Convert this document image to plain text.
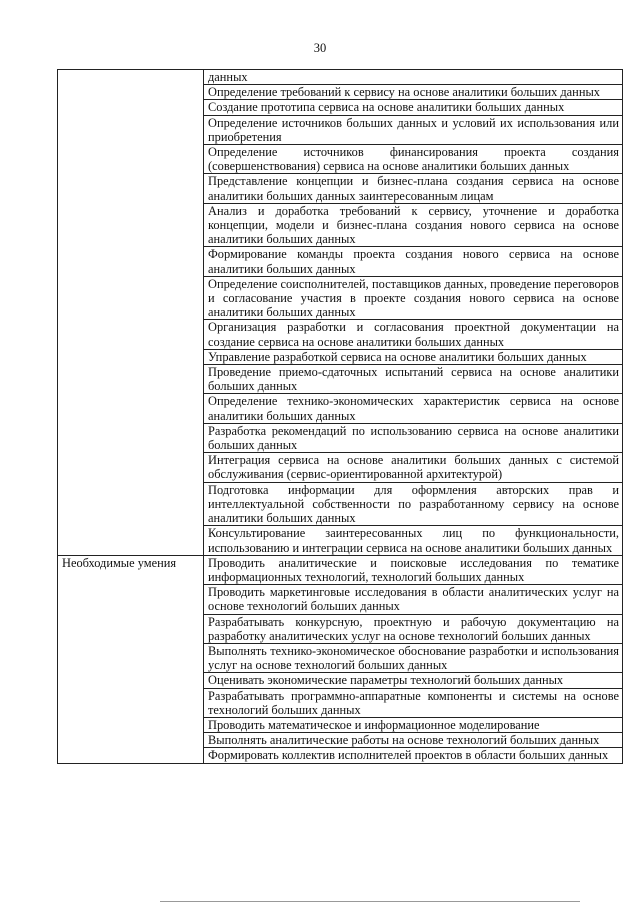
30
	данных
	Определение требований к сервису на основе аналитики больших данных
	Создание прототипа сервиса на основе аналитики больших данных
	Определение источников больших данных и условий их использования или приобретения
	Определение источников финансирования проекта создания (совершенствования) сервиса на основе аналитики больших данных
	Представление концепции и бизнес-плана создания сервиса на основе аналитики больших данных заинтересованным лицам
	Анализ и доработка требований к сервису, уточнение и доработка концепции, модели и бизнес-плана создания нового сервиса на основе аналитики больших данных
	Формирование команды проекта создания нового сервиса на основе аналитики больших данных
	Определение соисполнителей, поставщиков данных, проведение переговоров и согласование участия в проекте создания нового сервиса на основе аналитики больших данных
	Организация разработки и согласования проектной документации на создание сервиса на основе аналитики больших данных
	Управление разработкой сервиса на основе аналитики больших данных
	Проведение приемо-сдаточных испытаний сервиса на основе аналитики больших данных
	Определение технико-экономических характеристик сервиса на основе аналитики больших данных
	Разработка рекомендаций по использованию сервиса на основе аналитики больших данных
	Интеграция сервиса на основе аналитики больших данных с системой обслуживания (сервис-ориентированной архитектурой)
	Подготовка информации для оформления авторских прав и интеллектуальной собственности по разработанному сервису на основе аналитики больших данных
	Консультирование заинтересованных лиц по функциональности, использованию и интеграции сервиса на основе аналитики больших данных
Необходимые умения	Проводить аналитические и поисковые исследования по тематике информационных технологий, технологий больших данных
	Проводить маркетинговые исследования в области аналитических услуг на основе технологий больших данных
	Разрабатывать конкурсную, проектную и рабочую документацию на разработку аналитических услуг на основе технологий больших данных
	Выполнять технико-экономическое обоснование разработки и использования услуг на основе технологий больших данных
	Оценивать экономические параметры технологий больших данных
	Разрабатывать программно-аппаратные компоненты и системы на основе технологий больших данных
	Проводить математическое и информационное моделирование
	Выполнять аналитические работы на основе технологий больших данных
	Формировать коллектив исполнителей проектов в области больших данных
